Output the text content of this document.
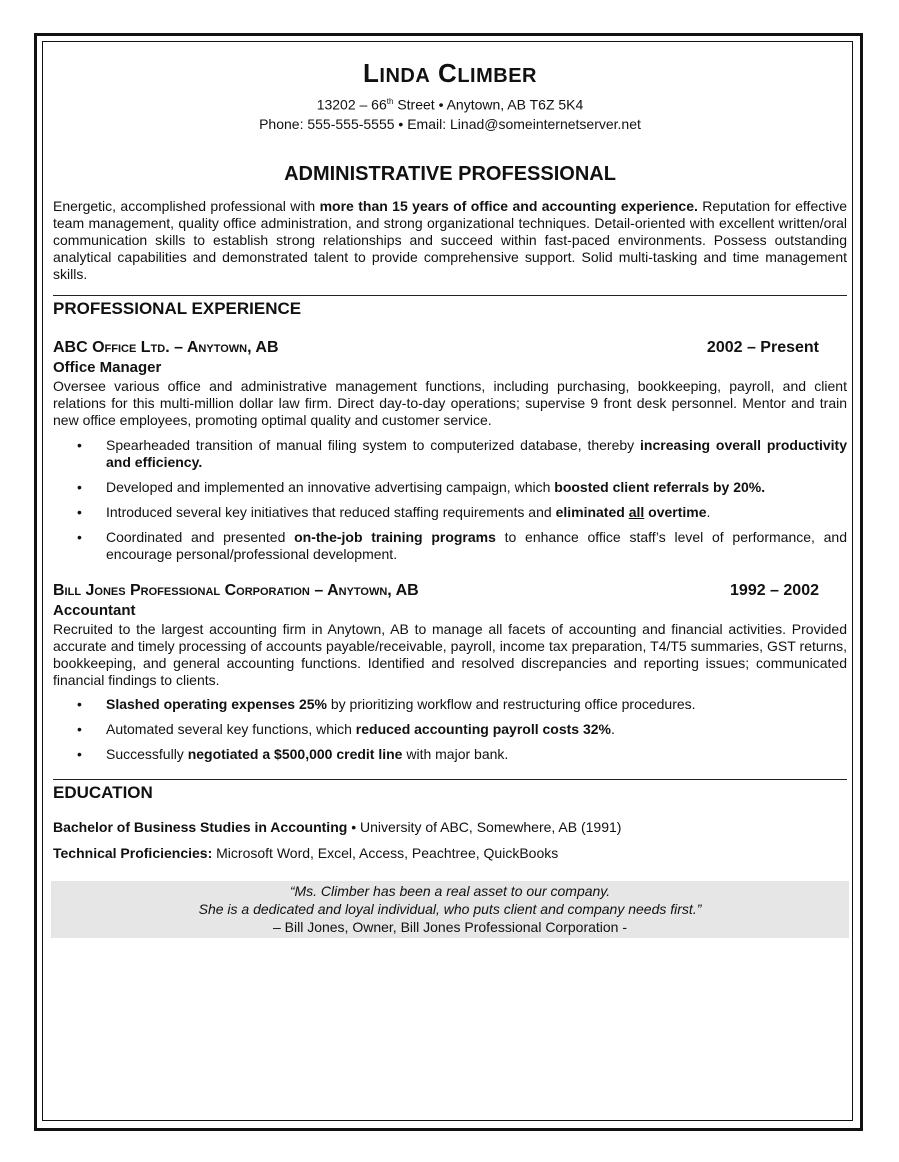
LINDA CLIMBER
13202 – 66th Street • Anytown, AB T6Z 5K4
Phone: 555-555-5555 • Email: Linad@someinternetserver.net
ADMINISTRATIVE PROFESSIONAL
Energetic, accomplished professional with more than 15 years of office and accounting experience. Reputation for effective team management, quality office administration, and strong organizational techniques. Detail-oriented with excellent written/oral communication skills to establish strong relationships and succeed within fast-paced environments. Possess outstanding analytical capabilities and demonstrated talent to provide comprehensive support. Solid multi-tasking and time management skills.
PROFESSIONAL EXPERIENCE
ABC Office Ltd. – Anytown, AB	2002 – Present
Office Manager
Oversee various office and administrative management functions, including purchasing, bookkeeping, payroll, and client relations for this multi-million dollar law firm. Direct day-to-day operations; supervise 9 front desk personnel. Mentor and train new office employees, promoting optimal quality and customer service.
• Spearheaded transition of manual filing system to computerized database, thereby increasing overall productivity and efficiency.
• Developed and implemented an innovative advertising campaign, which boosted client referrals by 20%.
• Introduced several key initiatives that reduced staffing requirements and eliminated all overtime.
• Coordinated and presented on-the-job training programs to enhance office staff’s level of performance, and encourage personal/professional development.
Bill Jones Professional Corporation – Anytown, AB	1992 – 2002
Accountant
Recruited to the largest accounting firm in Anytown, AB to manage all facets of accounting and financial activities. Provided accurate and timely processing of accounts payable/receivable, payroll, income tax preparation, T4/T5 summaries, GST returns, bookkeeping, and general accounting functions. Identified and resolved discrepancies and reporting issues; communicated financial findings to clients.
• Slashed operating expenses 25% by prioritizing workflow and restructuring office procedures.
• Automated several key functions, which reduced accounting payroll costs 32%.
• Successfully negotiated a $500,000 credit line with major bank.
EDUCATION
Bachelor of Business Studies in Accounting • University of ABC, Somewhere, AB (1991)
Technical Proficiencies: Microsoft Word, Excel, Access, Peachtree, QuickBooks
“Ms. Climber has been a real asset to our company.
She is a dedicated and loyal individual, who puts client and company needs first.”
– Bill Jones, Owner, Bill Jones Professional Corporation -
